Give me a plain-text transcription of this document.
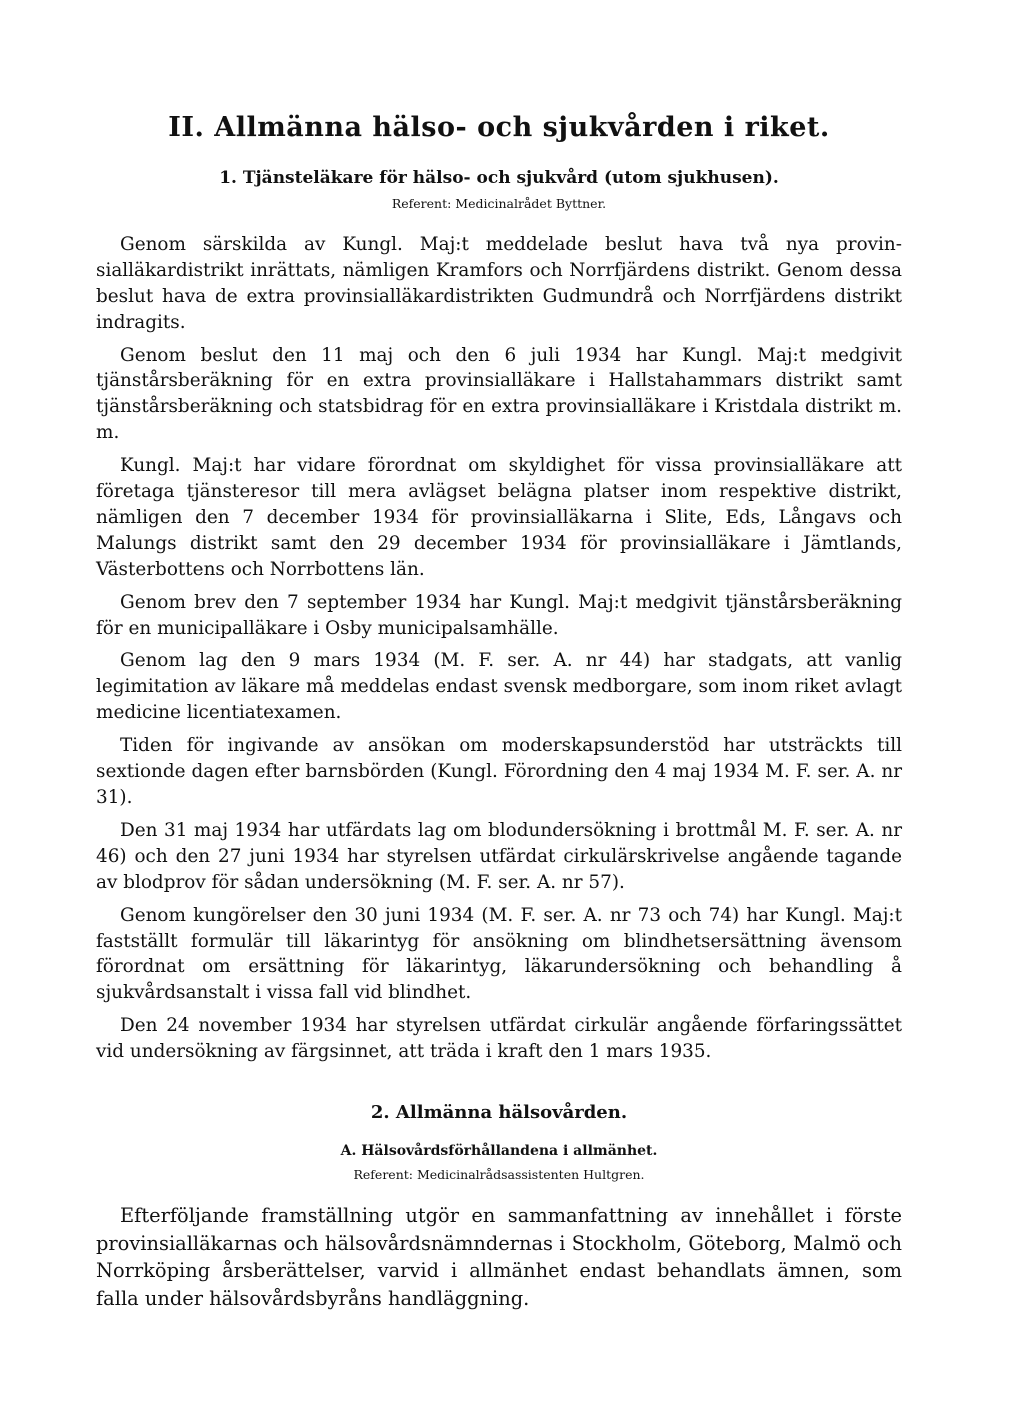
II. Allmänna hälso- och sjukvården i riket.
1. Tjänsteläkare för hälso- och sjukvård (utom sjukhusen).
Referent: Medicinalrådet Byttner.

Genom särskilda av Kungl. Maj:t meddelade beslut hava två nya provinsialläkardistrikt inrättats, nämligen Kramfors och Norrfjärdens distrikt. Genom dessa beslut hava de extra provinsialläkardistrikten Gudmundrå och Norrfjärdens distrikt indragits.

Genom beslut den 11 maj och den 6 juli 1934 har Kungl. Maj:t medgivit tjänstårsberäkning för en extra provinsialläkare i Hallstahammars distrikt samt tjänstårsberäkning och statsbidrag för en extra provinsialläkare i Kristdala distrikt m. m.

Kungl. Maj:t har vidare förordnat om skyldighet för vissa provinsialläkare att företaga tjänsteresor till mera avlägset belägna platser inom respektive distrikt, nämligen den 7 december 1934 för provinsialläkarna i Slite, Eds, Långavs och Malungs distrikt samt den 29 december 1934 för provinsialläkare i Jämtlands, Västerbottens och Norrbottens län.

Genom brev den 7 september 1934 har Kungl. Maj:t medgivit tjänstårsberäkning för en municipalläkare i Osby municipalsamhälle.

Genom lag den 9 mars 1934 (M. F. ser. A. nr 44) har stadgats, att vanlig legimitation av läkare må meddelas endast svensk medborgare, som inom riket avlagt medicine licentiatexamen.

Tiden för ingivande av ansökan om moderskapsunderstöd har utsträckts till sextionde dagen efter barnsbörden (Kungl. Förordning den 4 maj 1934 M. F. ser. A. nr 31).

Den 31 maj 1934 har utfärdats lag om blodundersökning i brottmål M. F. ser. A. nr 46) och den 27 juni 1934 har styrelsen utfärdat cirkulärskrivelse angående tagande av blodprov för sådan undersökning (M. F. ser. A. nr 57).

Genom kungörelser den 30 juni 1934 (M. F. ser. A. nr 73 och 74) har Kungl. Maj:t fastställt formulär till läkarintyg för ansökning om blindhetsersättning ävensom förordnat om ersättning för läkarintyg, läkarundersökning och behandling å sjukvårdsanstalt i vissa fall vid blindhet.

Den 24 november 1934 har styrelsen utfärdat cirkulär angående förfaringssättet vid undersökning av färgsinnet, att träda i kraft den 1 mars 1935.

2. Allmänna hälsovården.
A. Hälsovårdsförhållandena i allmänhet.
Referent: Medicinalrådsassistenten Hultgren.

Efterföljande framställning utgör en sammanfattning av innehållet i förste provinsialläkarnas och hälsovårdsnämndernas i Stockholm, Göteborg, Malmö och Norrköping årsberättelser, varvid i allmänhet endast behandlats ämnen, som falla under hälsovårdsbyråns handläggning.
